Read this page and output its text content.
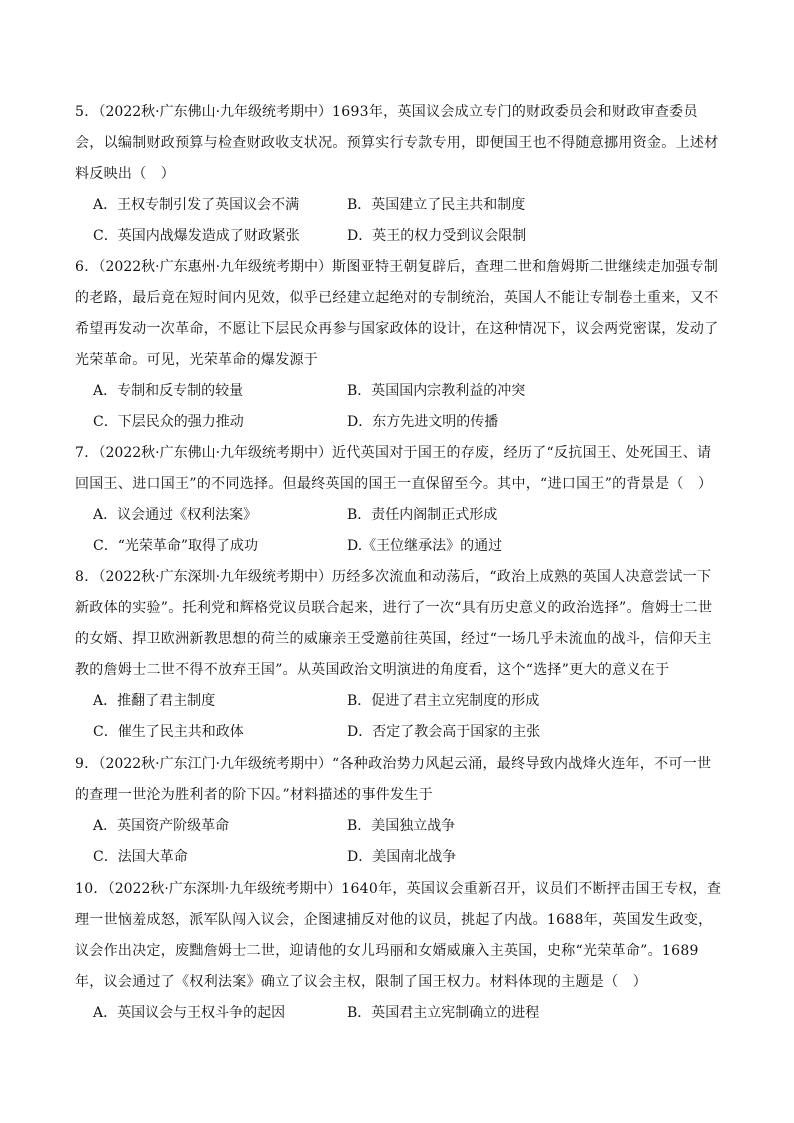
5．（2022秋·广东佛山·九年级统考期中）1693年，英国议会成立专门的财政委员会和财政审查委员会，以编制财政预算与检查财政收支状况。预算实行专款专用，即便国王也不得随意挪用资金。上述材料反映出（　）

A．王权专制引发了英国议会不满	B．英国建立了民主共和制度
C．英国内战爆发造成了财政紧张	D．英王的权力受到议会限制

6．（2022秋·广东惠州·九年级统考期中）斯图亚特王朝复辟后，查理二世和詹姆斯二世继续走加强专制的老路，最后竟在短时间内见效，似乎已经建立起绝对的专制统治，英国人不能让专制卷土重来，又不希望再发动一次革命，不愿让下层民众再参与国家政体的设计，在这种情况下，议会两党密谋，发动了光荣革命。可见，光荣革命的爆发源于

A．专制和反专制的较量	B．英国国内宗教利益的冲突
C．下层民众的强力推动	D．东方先进文明的传播

7．（2022秋·广东佛山·九年级统考期中）近代英国对于国王的存废，经历了“反抗国王、处死国王、请回国王、进口国王”的不同选择。但最终英国的国王一直保留至今。其中，“进口国王”的背景是（　）

A．议会通过《权利法案》	B．责任内阁制正式形成
C．“光荣革命”取得了成功	D.《王位继承法》的通过

8．（2022秋·广东深圳·九年级统考期中）历经多次流血和动荡后，“政治上成熟的英国人决意尝试一下新政体的实验”。托利党和辉格党议员联合起来，进行了一次“具有历史意义的政治选择”。詹姆士二世的女婿、捍卫欧洲新教思想的荷兰的威廉亲王受邀前往英国，经过“一场几乎未流血的战斗，信仰天主教的詹姆士二世不得不放弃王国”。从英国政治文明演进的角度看，这个“选择”更大的意义在于

A．推翻了君主制度	B．促进了君主立宪制度的形成
C．催生了民主共和政体	D．否定了教会高于国家的主张

9．（2022秋·广东江门·九年级统考期中）“各种政治势力风起云涌，最终导致内战烽火连年，不可一世的查理一世沦为胜利者的阶下囚。”材料描述的事件发生于

A．英国资产阶级革命	B．美国独立战争
C．法国大革命	D．美国南北战争

10．（2022秋·广东深圳·九年级统考期中）1640年，英国议会重新召开，议员们不断抨击国王专权，查理一世恼羞成怒，派军队闯入议会，企图逮捕反对他的议员，挑起了内战。1688年，英国发生政变，议会作出决定，废黜詹姆士二世，迎请他的女儿玛丽和女婿威廉入主英国，史称“光荣革命”。1689年，议会通过了《权利法案》确立了议会主权，限制了国王权力。材料体现的主题是（　）

A．英国议会与王权斗争的起因	B．英国君主立宪制确立的进程
